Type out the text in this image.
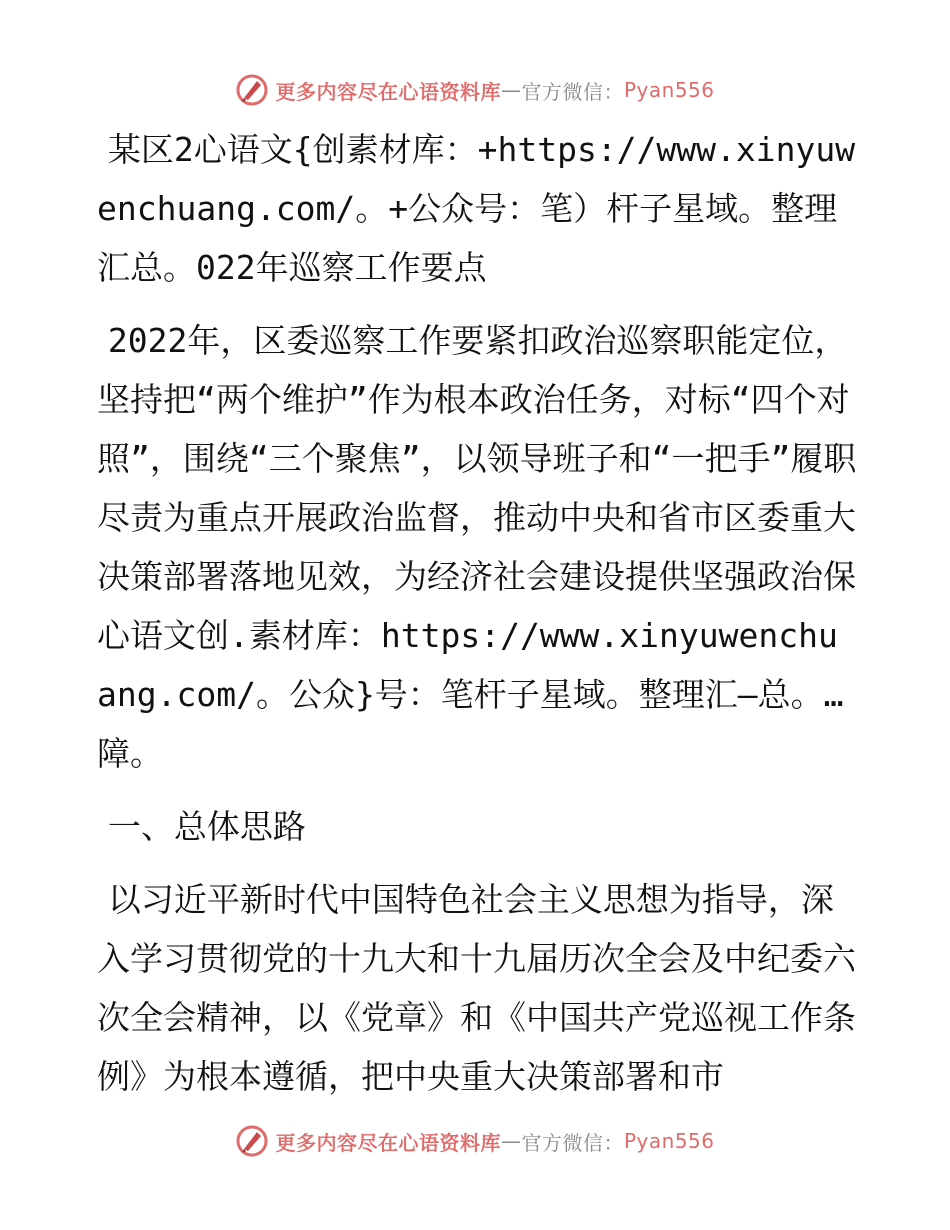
更多内容尽在心语资料库 — 官方微信： Pyan556

某区2心语文{创素材库：+https://www.xinyuwenchuang.com/。+公众号：笔）杆子星域。整理汇总。022年巡察工作要点

2022年，区委巡察工作要紧扣政治巡察职能定位，坚持把“两个维护”作为根本政治任务，对标“四个对照”，围绕“三个聚焦”，以领导班子和“一把手”履职尽责为重点开展政治监督，推动中央和省市区委重大决策部署落地见效，为经济社会建设提供坚强政治保心语文创.素材库：https://www.xinyuwenchuang.com/。公众}号：笔杆子星域。整理汇—总。…障。

一、总体思路

以习近平新时代中国特色社会主义思想为指导，深入学习贯彻党的十九大和十九届历次全会及中纪委六次全会精神，以《党章》和《中国共产党巡视工作条例》为根本遵循，把中央重大决策部署和市

更多内容尽在心语资料库 — 官方微信： Pyan556
